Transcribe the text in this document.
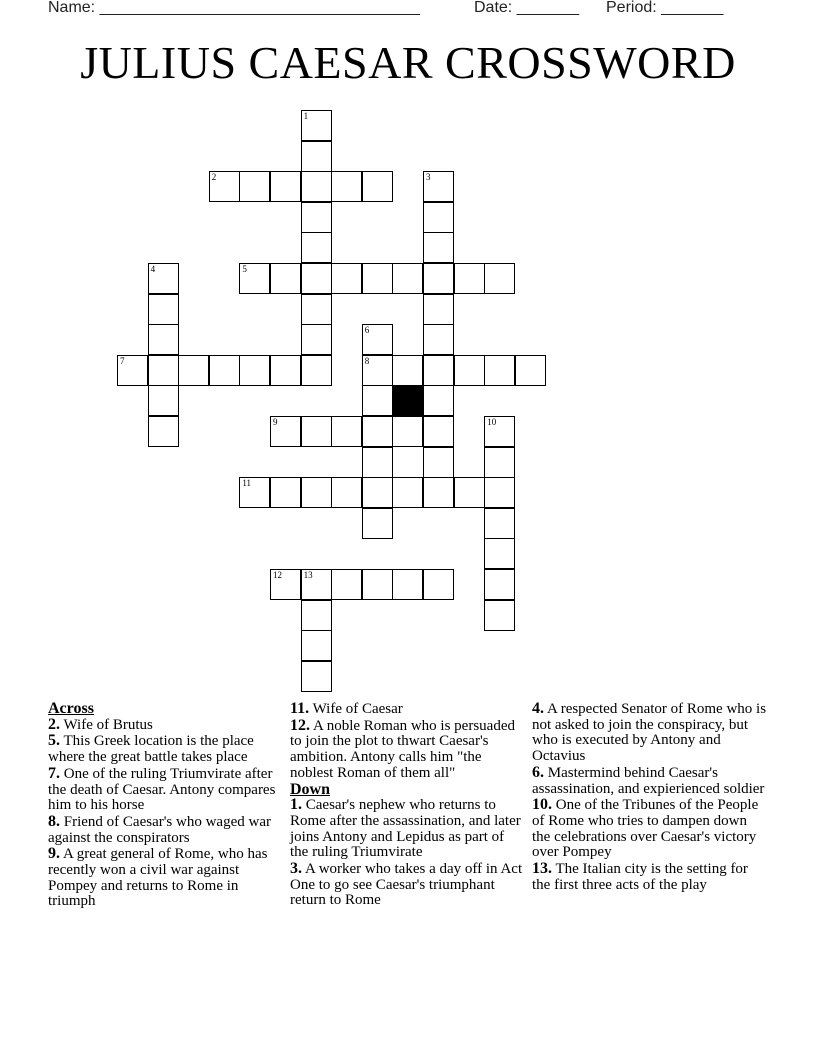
Name: ____________________________________

	Date: _______

Period: _______

JULIUS CAESAR CROSSWORD
1
2	3
4	5
6
8
7
9	10
11
12 13
Across

2. Wife of Brutus

5. This Greek location is the place where the great battle takes place

7. One of the ruling Triumvirate after the death of Caesar. Antony compares him to his horse

8. Friend of Caesar's who waged war against the conspirators

9. A great general of Rome, who has recently won a civil war against Pompey and returns to Rome in triumph

11. Wife of Caesar

12. A noble Roman who is persuaded to join the plot to thwart Caesar's ambition. Antony calls him "the noblest Roman of them all"

Down

1. Caesar's nephew who returns to Rome after the assassination, and later joins Antony and Lepidus as part of the ruling Triumvirate

3. A worker who takes a day off in Act One to go see Caesar's triumphant return to Rome

4. A respected Senator of Rome who is not asked to join the conspiracy, but who is executed by Antony and Octavius

6. Mastermind behind Caesar's assassination, and expierienced soldier

10. One of the Tribunes of the People of Rome who tries to dampen down the celebrations over Caesar's victory over Pompey

13. The Italian city is the setting for the first three acts of the play
